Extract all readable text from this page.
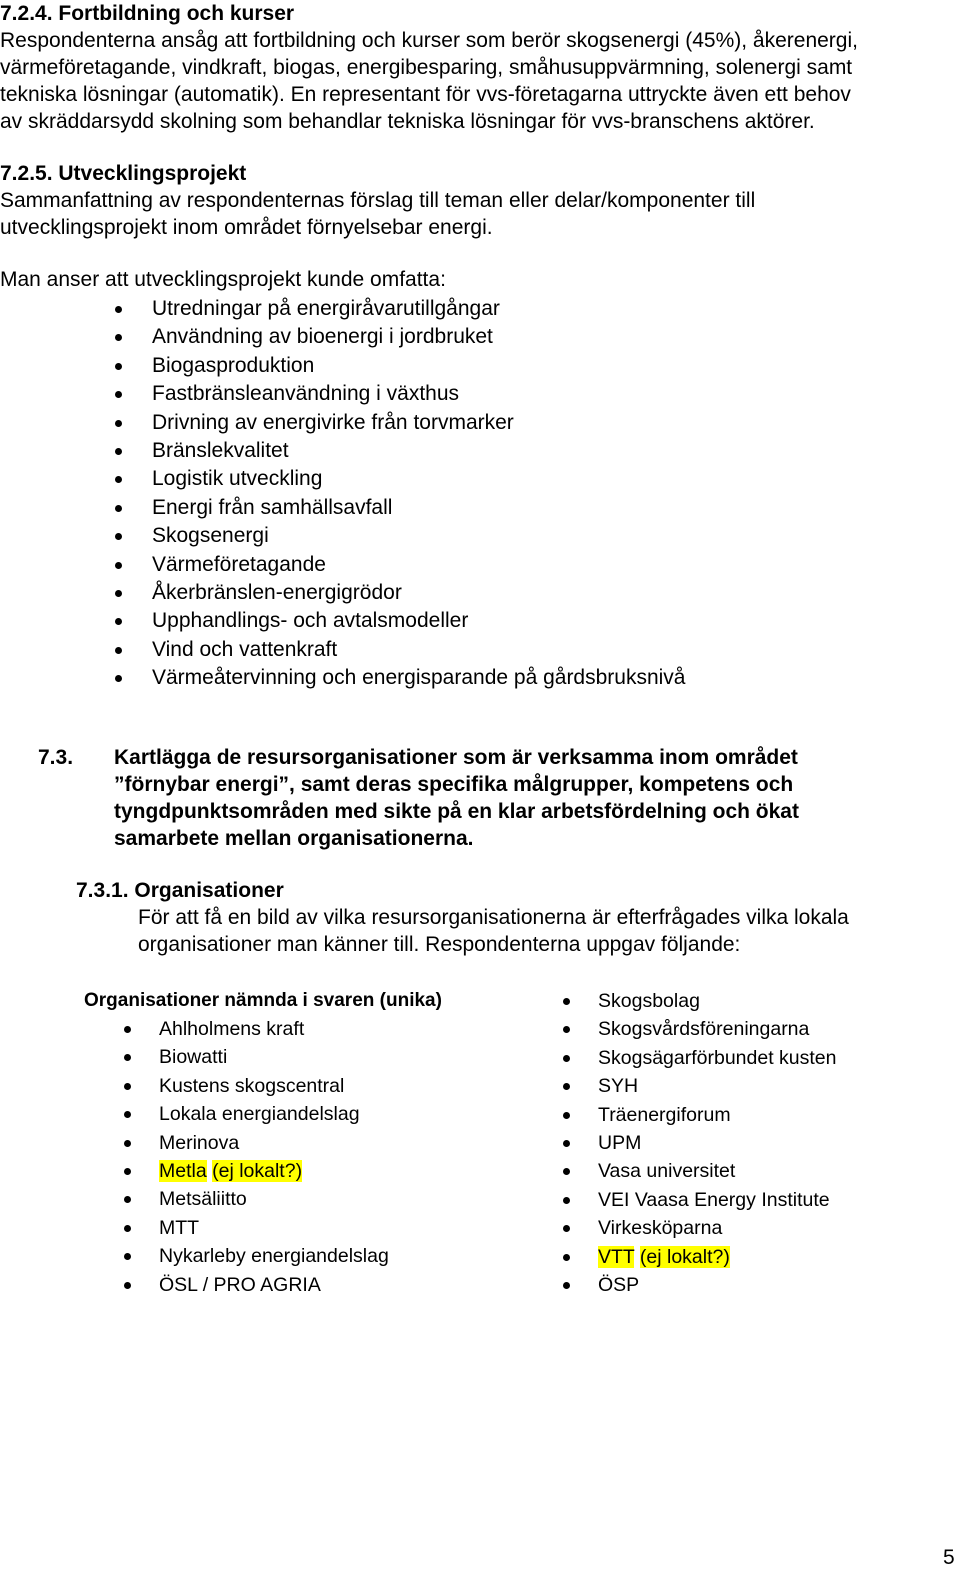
7.2.4. Fortbildning och kurser
Respondenterna ansåg att fortbildning och kurser som berör skogsenergi (45%), åkerenergi,
värmeföretagande, vindkraft, biogas, energibesparing, småhusuppvärmning, solenergi samt
tekniska lösningar (automatik). En representant för vvs-företagarna uttryckte även ett behov
av skräddarsydd skolning som behandlar tekniska lösningar för vvs-branschens aktörer.
7.2.5. Utvecklingsprojekt
Sammanfattning av respondenternas förslag till teman eller delar/komponenter till
utvecklingsprojekt inom området förnyelsebar energi.
Man anser att utvecklingsprojekt kunde omfatta:
Utredningar på energiråvarutillgångar
Användning av bioenergi i jordbruket
Biogasproduktion
Fastbränsleanvändning i växthus
Drivning av energivirke från torvmarker
Bränslekvalitet
Logistik utveckling
Energi från samhällsavfall
Skogsenergi
Värmeföretagande
Åkerbränslen-energigrödor
Upphandlings- och avtalsmodeller
Vind och vattenkraft
Värmeåtervinning och energisparande på gårdsbruksnivå
7.3. Kartlägga de resursorganisationer som är verksamma inom området
”förnybar energi”, samt deras specifika målgrupper, kompetens och
tyngdpunktsområden med sikte på en klar arbetsfördelning och ökat
samarbete mellan organisationerna.
7.3.1. Organisationer
För att få en bild av vilka resursorganisationerna är efterfrågades vilka lokala
organisationer man känner till. Respondenterna uppgav följande:
Organisationer nämnda i svaren (unika)
Ahlholmens kraft
Biowatti
Kustens skogscentral
Lokala energiandelslag
Merinova
Metla (ej lokalt?)
Metsäliitto
MTT
Nykarleby energiandelslag
ÖSL / PRO AGRIA
Skogsbolag
Skogsvårdsföreningarna
Skogsägarförbundet kusten
SYH
Träenergiforum
UPM
Vasa universitet
VEI Vaasa Energy Institute
Virkesköparna
VTT (ej lokalt?)
ÖSP
5
